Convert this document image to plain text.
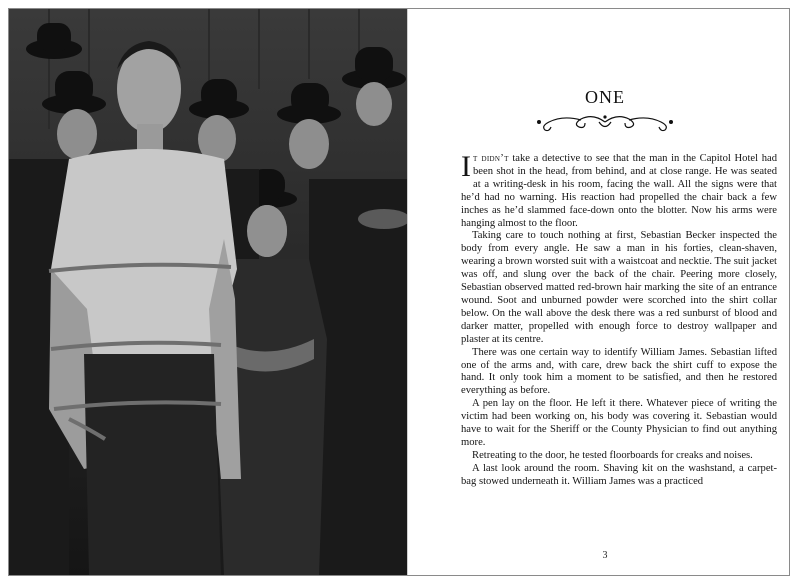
ONE

It didn’t take a detective to see that the man in the Capitol Hotel had been shot in the head, from behind, and at close range. He was seated at a writing-desk in his room, facing the wall. All the signs were that he’d had no warning. His reaction had propelled the chair back a few inches as he’d slammed face-down onto the blotter. Now his arms were hanging almost to the floor.

Taking care to touch nothing at first, Sebastian Becker inspected the body from every angle. He saw a man in his forties, clean-shaven, wearing a brown worsted suit with a waistcoat and necktie. The suit jacket was off, and slung over the back of the chair. Peering more closely, Sebastian observed matted red-brown hair marking the site of an entrance wound. Soot and unburned powder were scorched into the shirt collar below. On the wall above the desk there was a red sunburst of blood and darker matter, propelled with enough force to destroy wallpaper and plaster at its centre.

There was one certain way to identify William James. Sebastian lifted one of the arms and, with care, drew back the shirt cuff to expose the hand. It only took him a moment to be satisfied, and then he restored everything as before.

A pen lay on the floor. He left it there. Whatever piece of writing the victim had been working on, his body was covering it. Sebastian would have to wait for the Sheriff or the County Physician to find out anything more.

Retreating to the door, he tested floorboards for creaks and noises.

A last look around the room. Shaving kit on the washstand, a carpet-bag stowed underneath it. William James was a practiced

3
